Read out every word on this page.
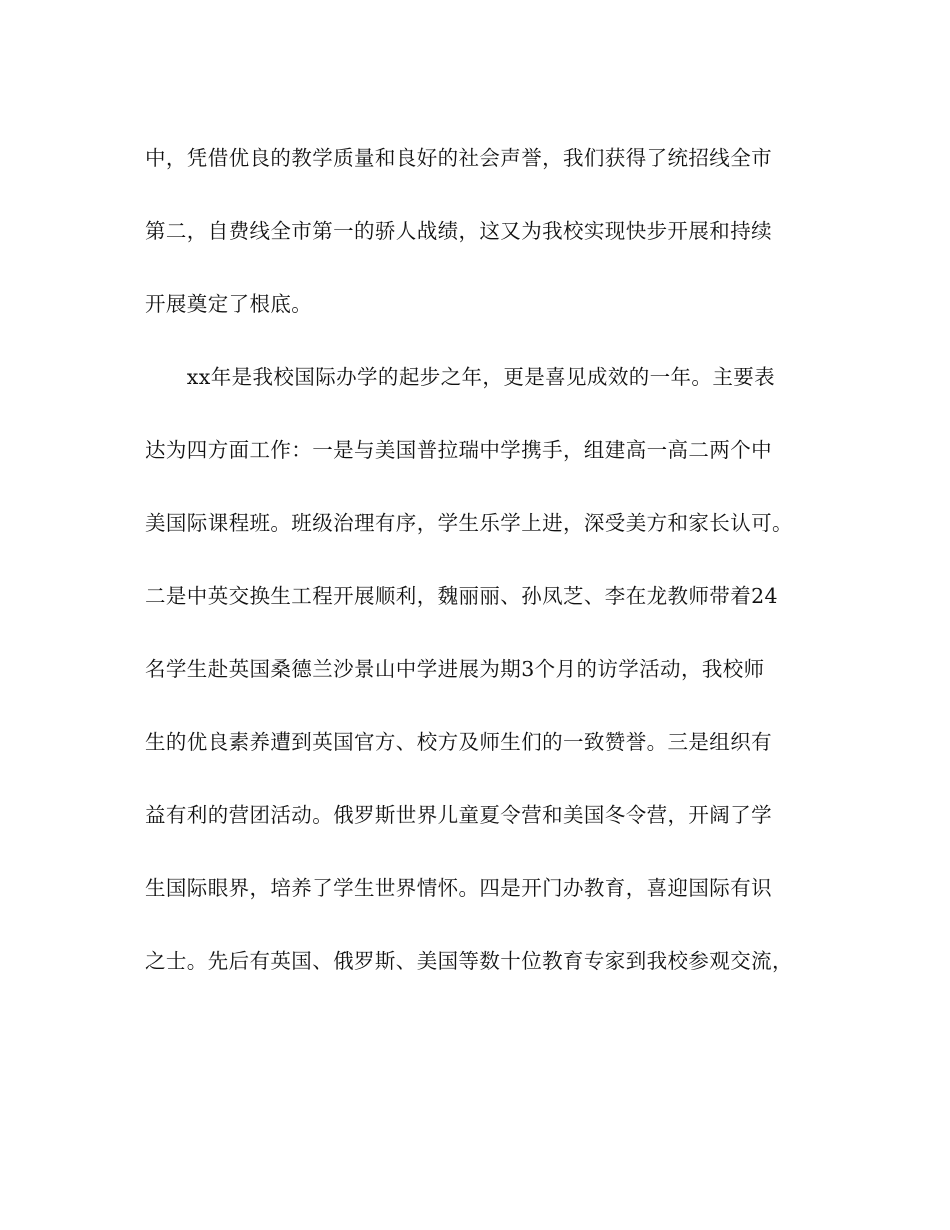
中，凭借优良的教学质量和良好的社会声誉，我们获得了统招线全市
第二，自费线全市第一的骄人战绩，这又为我校实现快步开展和持续
开展奠定了根底。
　　xx年是我校国际办学的起步之年，更是喜见成效的一年。主要表
达为四方面工作：一是与美国普拉瑞中学携手，组建高一高二两个中
美国际课程班。班级治理有序，学生乐学上进，深受美方和家长认可。
二是中英交换生工程开展顺利，魏丽丽、孙凤芝、李在龙教师带着24
名学生赴英国桑德兰沙景山中学进展为期3个月的访学活动，我校师
生的优良素养遭到英国官方、校方及师生们的一致赞誉。三是组织有
益有利的营团活动。俄罗斯世界儿童夏令营和美国冬令营，开阔了学
生国际眼界，培养了学生世界情怀。四是开门办教育，喜迎国际有识
之士。先后有英国、俄罗斯、美国等数十位教育专家到我校参观交流，
